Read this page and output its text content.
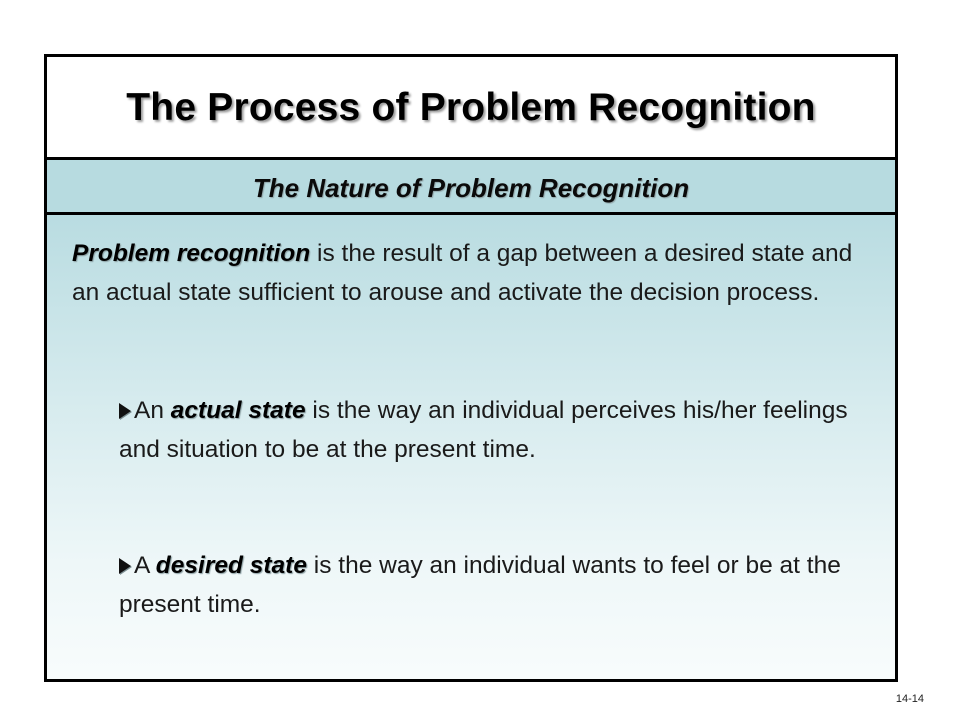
The Process of Problem Recognition
The Nature of Problem Recognition

Problem recognition is the result of a gap between a desired state and an actual state sufficient to arouse and activate the decision process.

An actual state is the way an individual perceives his/her feelings and situation to be at the present time.

A desired state is the way an individual wants to feel or be at the present time.

14-14
